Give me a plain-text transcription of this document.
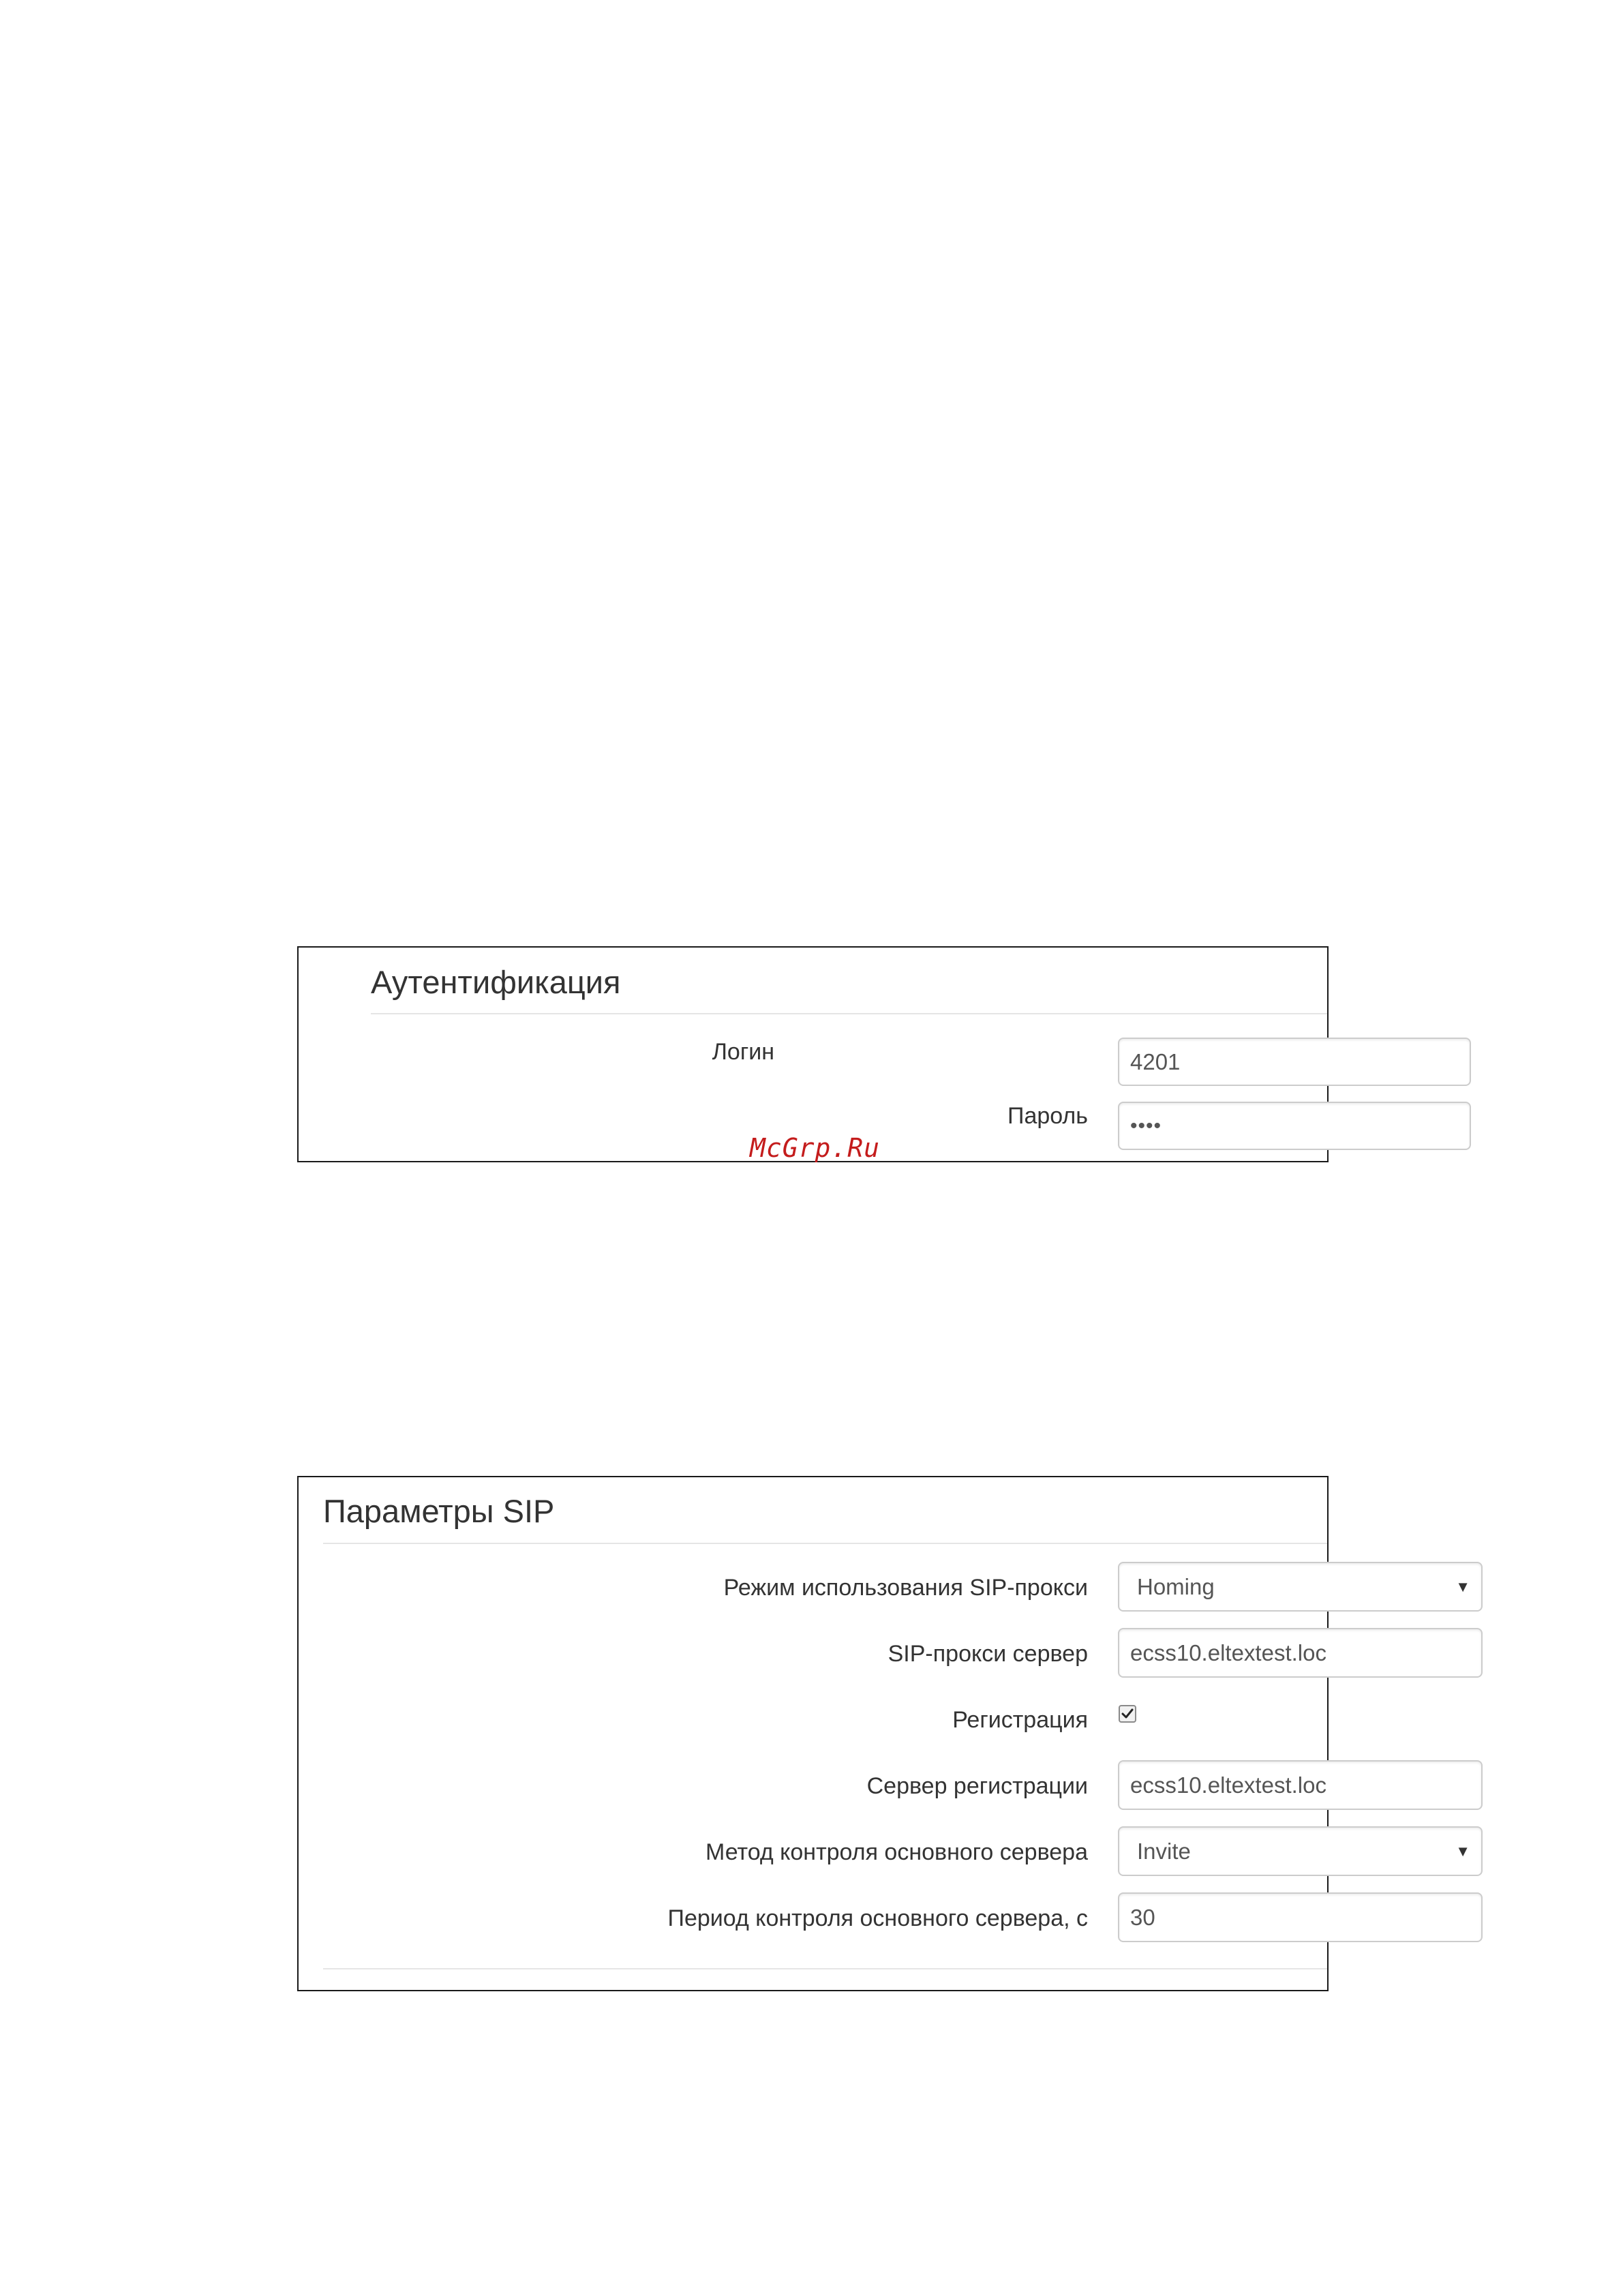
Аутентификация
Логин	4201
Пароль ••••
McGrp.Ru
Параметры SIP
Режим использования SIP-прокси Homing	▼
SIP-прокси сервер ecss10.eltextest.loc
Регистрация
Сервер регистрации ecss10.eltextest.loc
Метод контроля основного сервера Invite	▼
Период контроля основного сервера, с 30
